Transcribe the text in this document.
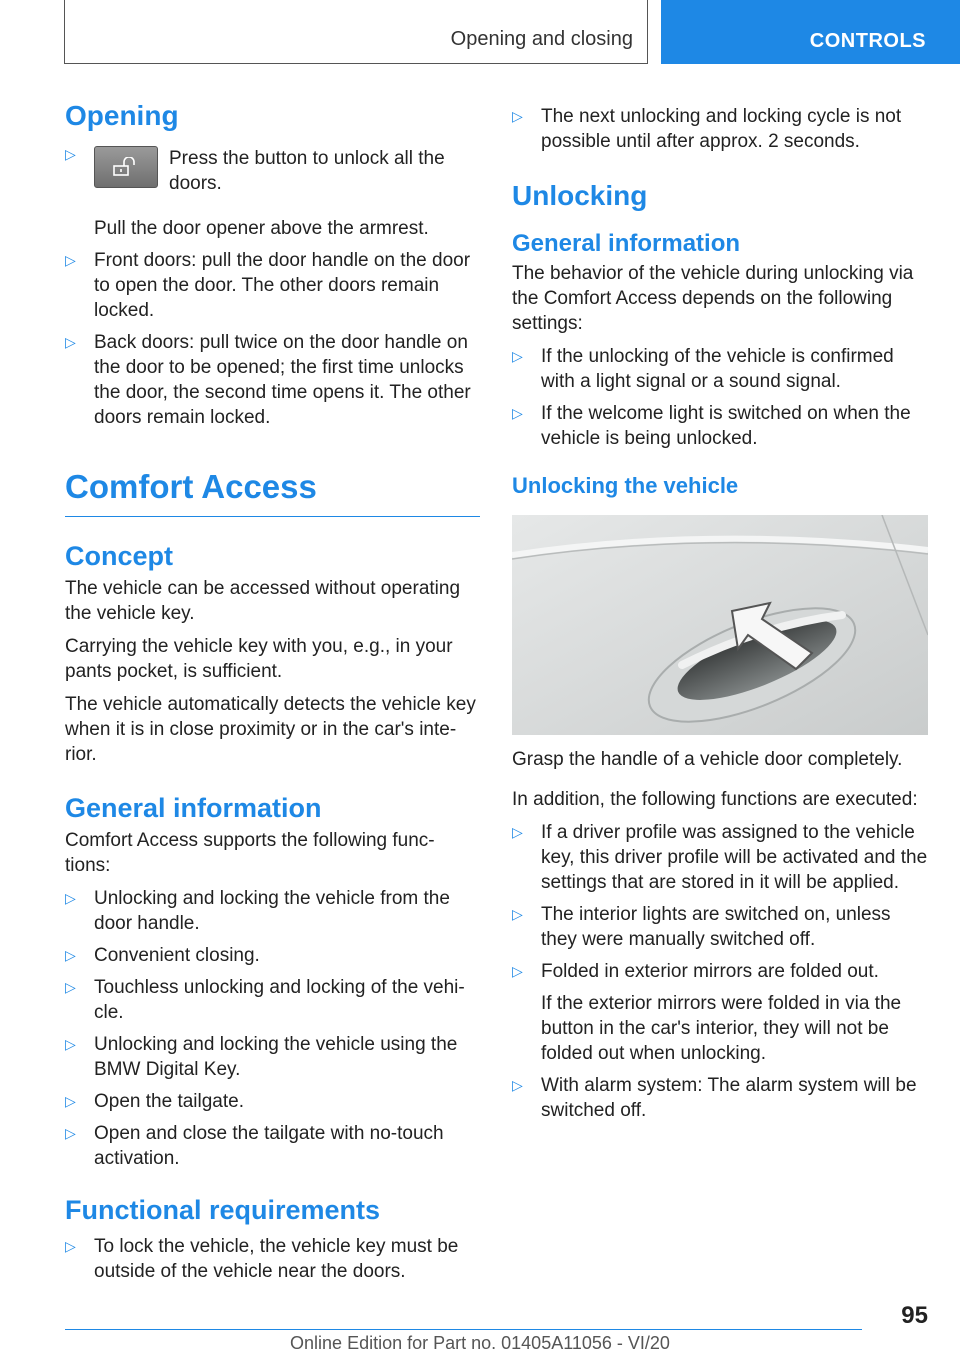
Opening and closing	CONTROLS
Opening
▷	Press the button to unlock all the doors.

Pull the door opener above the armrest.

▷ Front doors: pull the door handle on the door to open the door. The other doors remain locked.
▷ Back doors: pull twice on the door handle on the door to be opened; the first time unlocks the door, the second time opens it. The other doors remain locked.
Comfort Access
Concept

The vehicle can be accessed without operating the vehicle key.

Carrying the vehicle key with you, e.g., in your pants pocket, is sufficient.

The vehicle automatically detects the vehicle key when it is in close proximity or in the car's inte‐ rior.

General information

Comfort Access supports the following func‐ tions:

▷ Unlocking and locking the vehicle from the door handle.
▷ Convenient closing.
▷ Touchless unlocking and locking of the vehi‐ cle.
▷ Unlocking and locking the vehicle using the BMW Digital Key.
▷ Open the tailgate.
▷ Open and close the tailgate with no-touch activation.
Functional requirements
▷ To lock the vehicle, the vehicle key must be outside of the vehicle near the doors.
▷ The next unlocking and locking cycle is not possible until after approx. 2 seconds.
Unlocking
General information

The behavior of the vehicle during unlocking via the Comfort Access depends on the following settings:

▷ If the unlocking of the vehicle is confirmed with a light signal or a sound signal.
▷ If the welcome light is switched on when the vehicle is being unlocked.
Unlocking the vehicle

Grasp the handle of a vehicle door completely.

In addition, the following functions are executed:

▷ If a driver profile was assigned to the vehicle key, this driver profile will be activated and the settings that are stored in it will be applied.
▷ The interior lights are switched on, unless they were manually switched off.
▷ Folded in exterior mirrors are folded out.
If the exterior mirrors were folded in via the button in the car's interior, they will not be folded out when unlocking.
▷ With alarm system: The alarm system will be switched off.
95
Online Edition for Part no. 01405A11056 - VI/20
